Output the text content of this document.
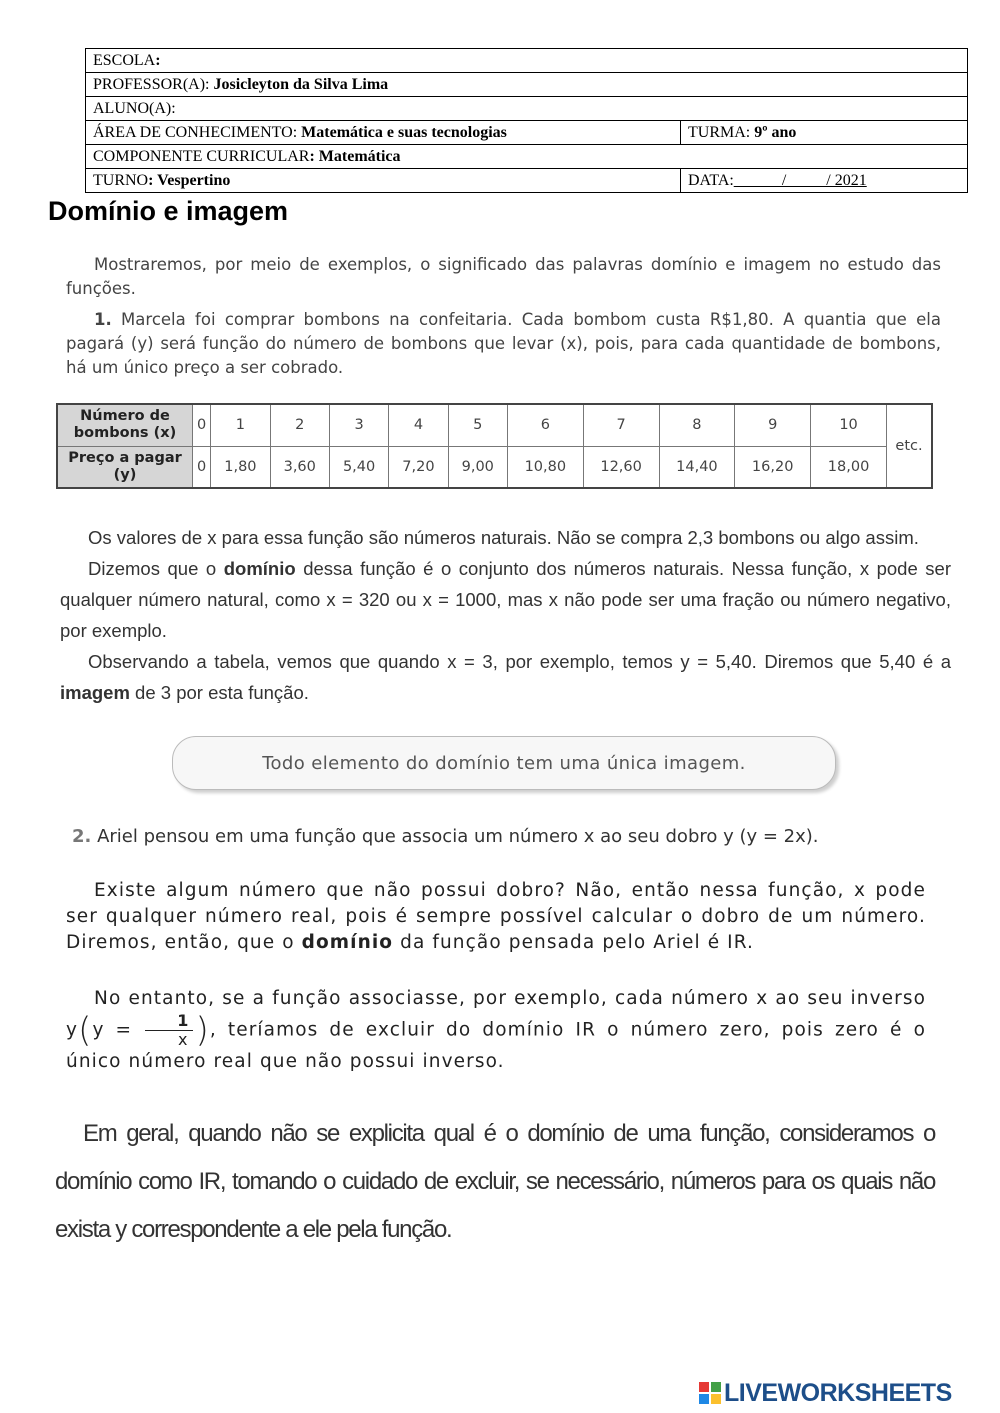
ESCOLA:	
PROFESSOR(A): Josicleyton da Silva Lima	
ALUNO(A):	
ÁREA DE CONHECIMENTO: Matemática e suas tecnologias	TURMA: 9º ano
COMPONENTE CURRICULAR: Matemática	
TURNO: Vespertino	DATA:______/_____/ 2021
Domínio e imagem

Mostraremos, por meio de exemplos, o significado das palavras domínio e imagem no estudo das funções.

1. Marcela foi comprar bombons na confeitaria. Cada bombom custa R$1,80. A quantia que ela pagará (y) será função do número de bombons que levar (x), pois, para cada quantidade de bombons, há um único preço a ser cobrado.

Número de bombons (x)	0	1	2	3	4	5	6	7	8	9	10	etc.
Preço a pagar (y)	0	1,80	3,60	5,40	7,20	9,00	10,80	12,60	14,40	16,20	18,00	

Os valores de x para essa função são números naturais. Não se compra 2,3 bombons ou algo assim.

Dizemos que o domínio dessa função é o conjunto dos números naturais. Nessa função, x pode ser qualquer número natural, como x = 320 ou x = 1000, mas x não pode ser uma fração ou número negativo, por exemplo.

Observando a tabela, vemos que quando x = 3, por exemplo, temos y = 5,40. Diremos que 5,40 é a imagem de 3 por esta função.

Todo elemento do domínio tem uma única imagem.

2. Ariel pensou em uma função que associa um número x ao seu dobro y (y = 2x).

Existe algum número que não possui dobro? Não, então nessa função, x pode ser qualquer número real, pois é sempre possível calcular o dobro de um número. Diremos, então, que o domínio da função pensada pelo Ariel é IR.

No entanto, se a função associasse, por exemplo, cada número x ao seu inverso $y(y = \frac{1}{x}$ ), teríamos de excluir do domínio IR o número zero, pois zero é o único número real que não possui inverso.

Em geral, quando não se explicita qual é o domínio de uma função, consideramos o domínio como IR, tomando o cuidado de excluir, se necessário, números para os quais não exista y correspondente a ele pela função.

LIVEWORKSHEETS
